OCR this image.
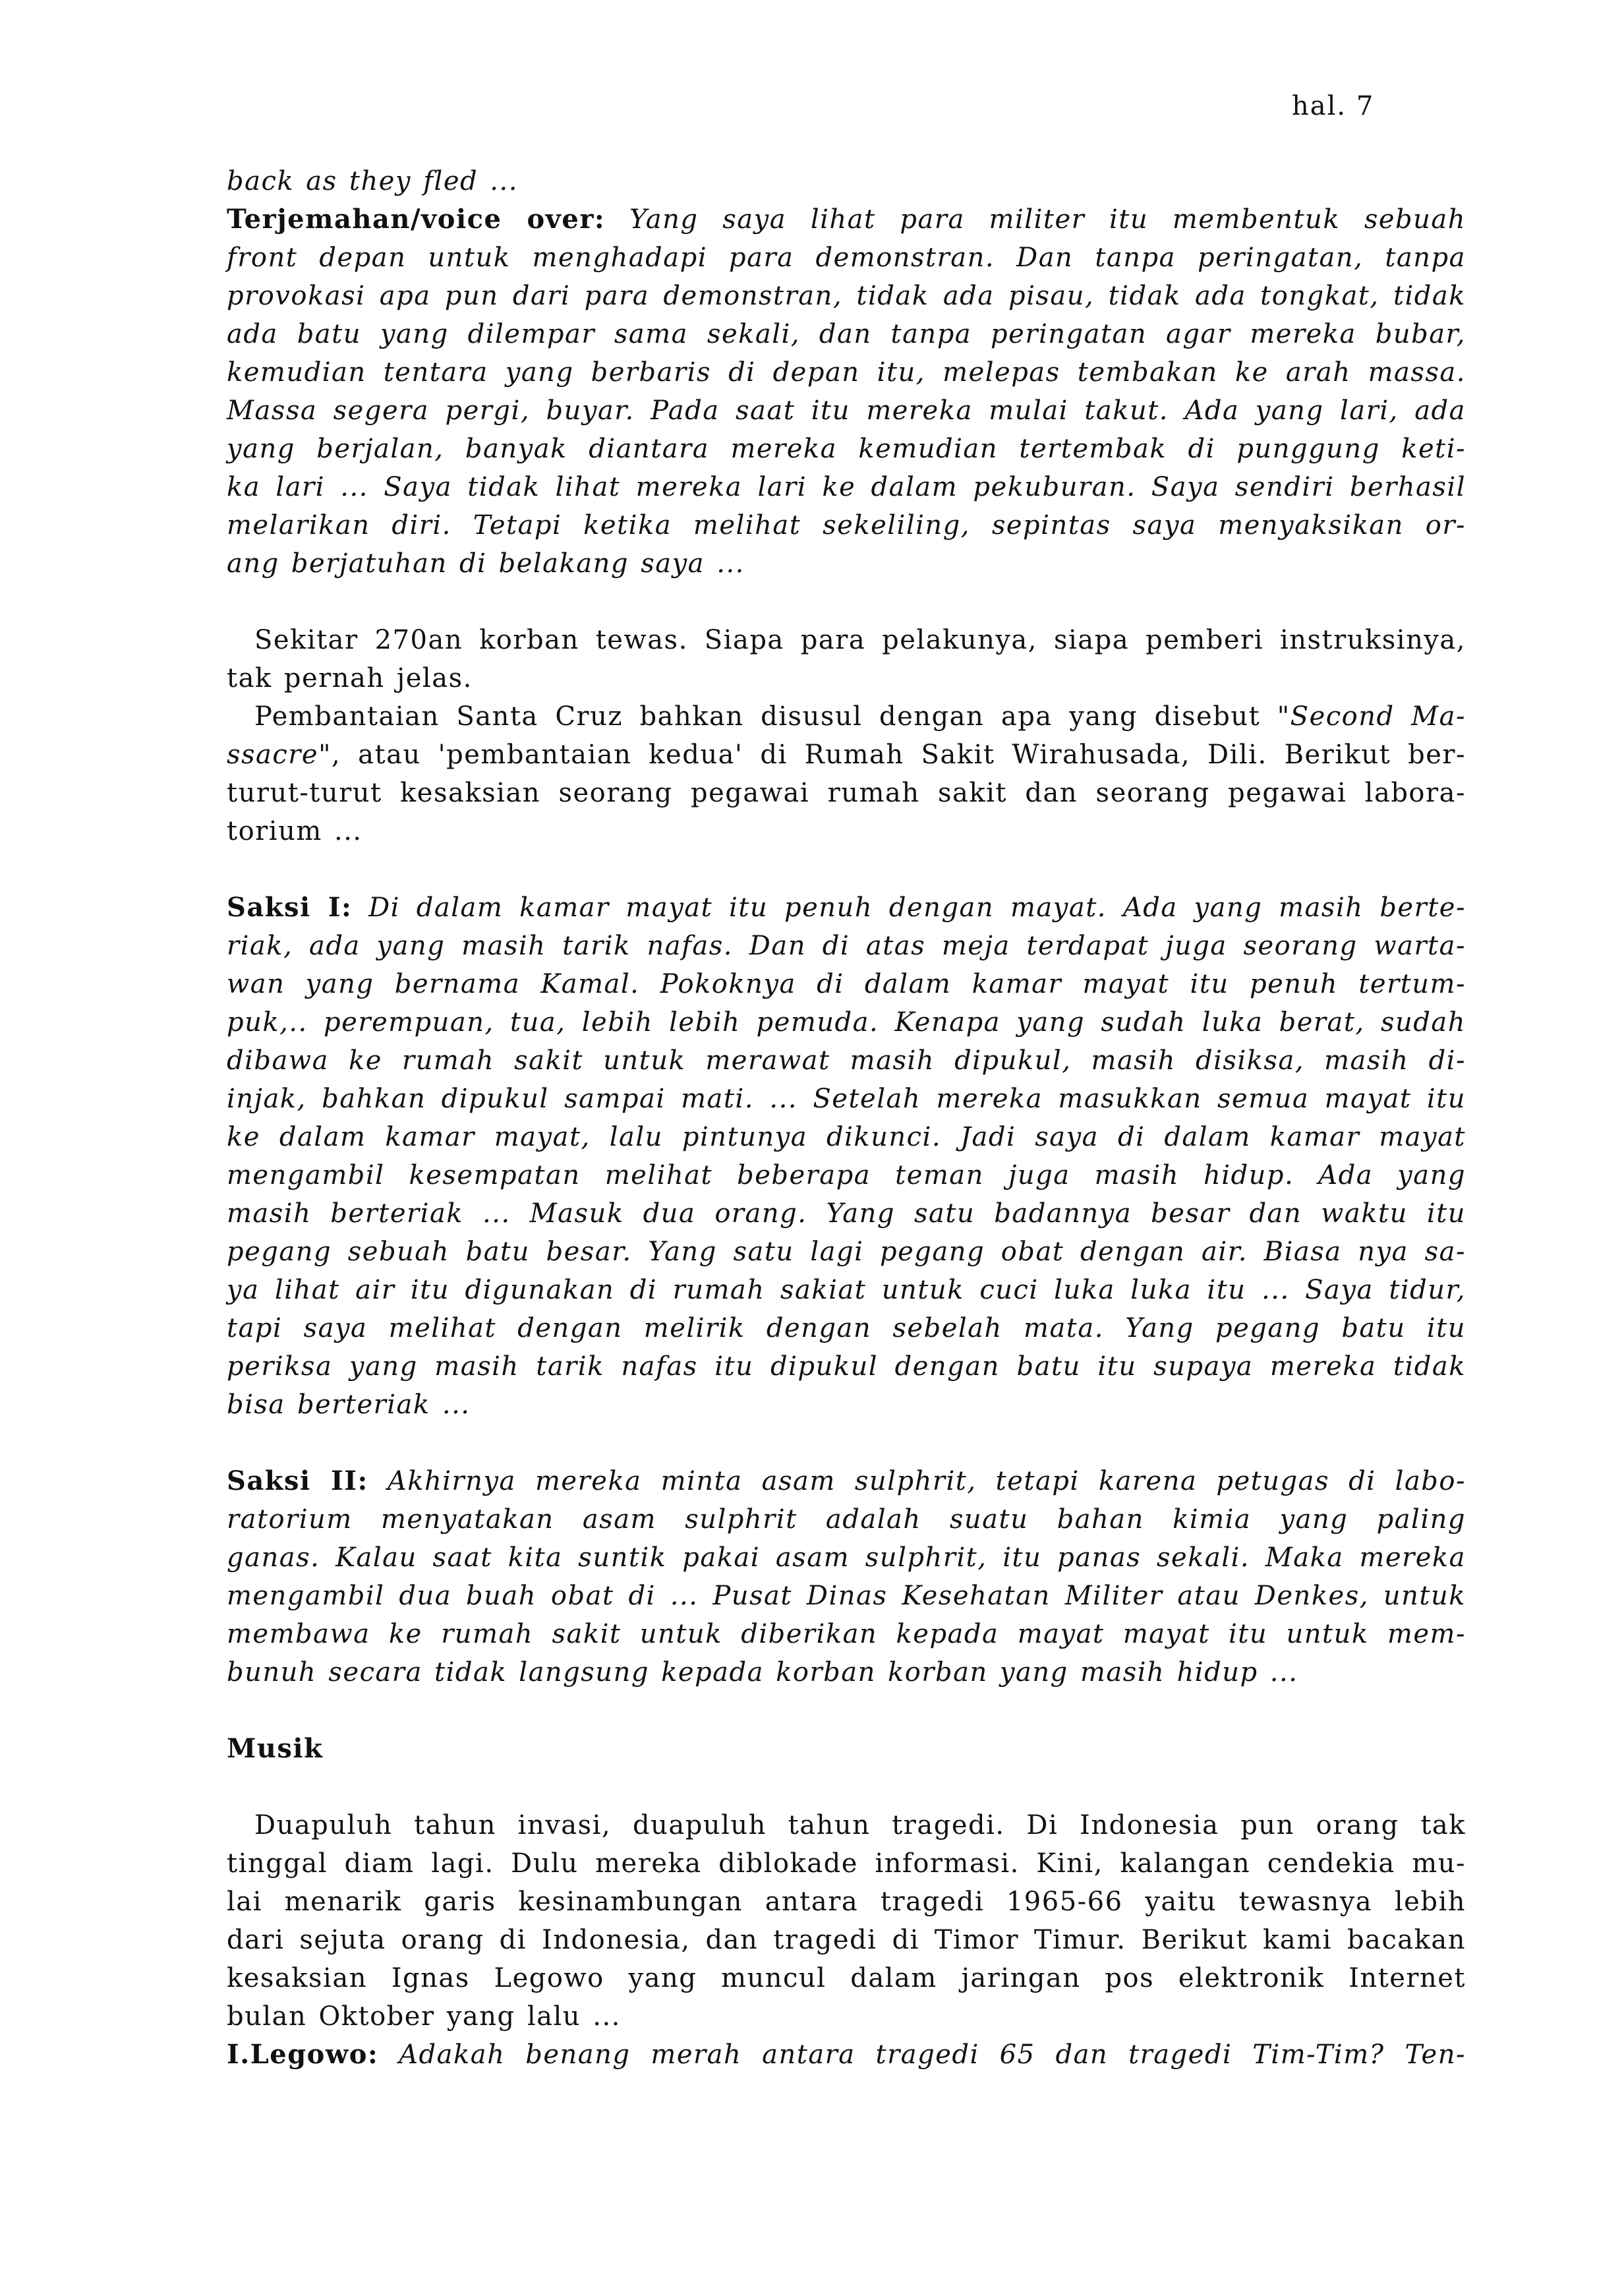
hal. 7
back as they fled ...
Terjemahan/voice over: Yang saya lihat para militer itu membentuk sebuah
front depan untuk menghadapi para demonstran. Dan tanpa peringatan, tanpa
provokasi apa pun dari para demonstran, tidak ada pisau, tidak ada tongkat, tidak
ada batu yang dilempar sama sekali, dan tanpa peringatan agar mereka bubar,
kemudian tentara yang berbaris di depan itu, melepas tembakan ke arah massa.
Massa segera pergi, buyar. Pada saat itu mereka mulai takut. Ada yang lari, ada
yang berjalan, banyak diantara mereka kemudian tertembak di punggung keti-
ka lari ... Saya tidak lihat mereka lari ke dalam pekuburan. Saya sendiri berhasil
melarikan diri. Tetapi ketika melihat sekeliling, sepintas saya menyaksikan or-
ang berjatuhan di belakang saya ...
Sekitar 270an korban tewas. Siapa para pelakunya, siapa pemberi instruksinya,
tak pernah jelas.
Pembantaian Santa Cruz bahkan disusul dengan apa yang disebut "Second Ma-
ssacre", atau 'pembantaian kedua' di Rumah Sakit Wirahusada, Dili. Berikut ber-
turut-turut kesaksian seorang pegawai rumah sakit dan seorang pegawai labora-
torium ...
Saksi I: Di dalam kamar mayat itu penuh dengan mayat. Ada yang masih berte-
riak, ada yang masih tarik nafas. Dan di atas meja terdapat juga seorang warta-
wan yang bernama Kamal. Pokoknya di dalam kamar mayat itu penuh tertum-
puk,.. perempuan, tua, lebih lebih pemuda. Kenapa yang sudah luka berat, sudah
dibawa ke rumah sakit untuk merawat masih dipukul, masih disiksa, masih di-
injak, bahkan dipukul sampai mati. ... Setelah mereka masukkan semua mayat itu
ke dalam kamar mayat, lalu pintunya dikunci. Jadi saya di dalam kamar mayat
mengambil kesempatan melihat beberapa teman juga masih hidup. Ada yang
masih berteriak ... Masuk dua orang. Yang satu badannya besar dan waktu itu
pegang sebuah batu besar. Yang satu lagi pegang obat dengan air. Biasa nya sa-
ya lihat air itu digunakan di rumah sakiat untuk cuci luka luka itu ... Saya tidur,
tapi saya melihat dengan melirik dengan sebelah mata. Yang pegang batu itu
periksa yang masih tarik nafas itu dipukul dengan batu itu supaya mereka tidak
bisa berteriak ...
Saksi II: Akhirnya mereka minta asam sulphrit, tetapi karena petugas di labo-
ratorium menyatakan asam sulphrit adalah suatu bahan kimia yang paling
ganas. Kalau saat kita suntik pakai asam sulphrit, itu panas sekali. Maka mereka
mengambil dua buah obat di ... Pusat Dinas Kesehatan Militer atau Denkes, untuk
membawa ke rumah sakit untuk diberikan kepada mayat mayat itu untuk mem-
bunuh secara tidak langsung kepada korban korban yang masih hidup ...
Musik
Duapuluh tahun invasi, duapuluh tahun tragedi. Di Indonesia pun orang tak
tinggal diam lagi. Dulu mereka diblokade informasi. Kini, kalangan cendekia mu-
lai menarik garis kesinambungan antara tragedi 1965-66 yaitu tewasnya lebih
dari sejuta orang di Indonesia, dan tragedi di Timor Timur. Berikut kami bacakan
kesaksian Ignas Legowo yang muncul dalam jaringan pos elektronik Internet
bulan Oktober yang lalu ...
I.Legowo: Adakah benang merah antara tragedi 65 dan tragedi Tim-Tim? Ten-
